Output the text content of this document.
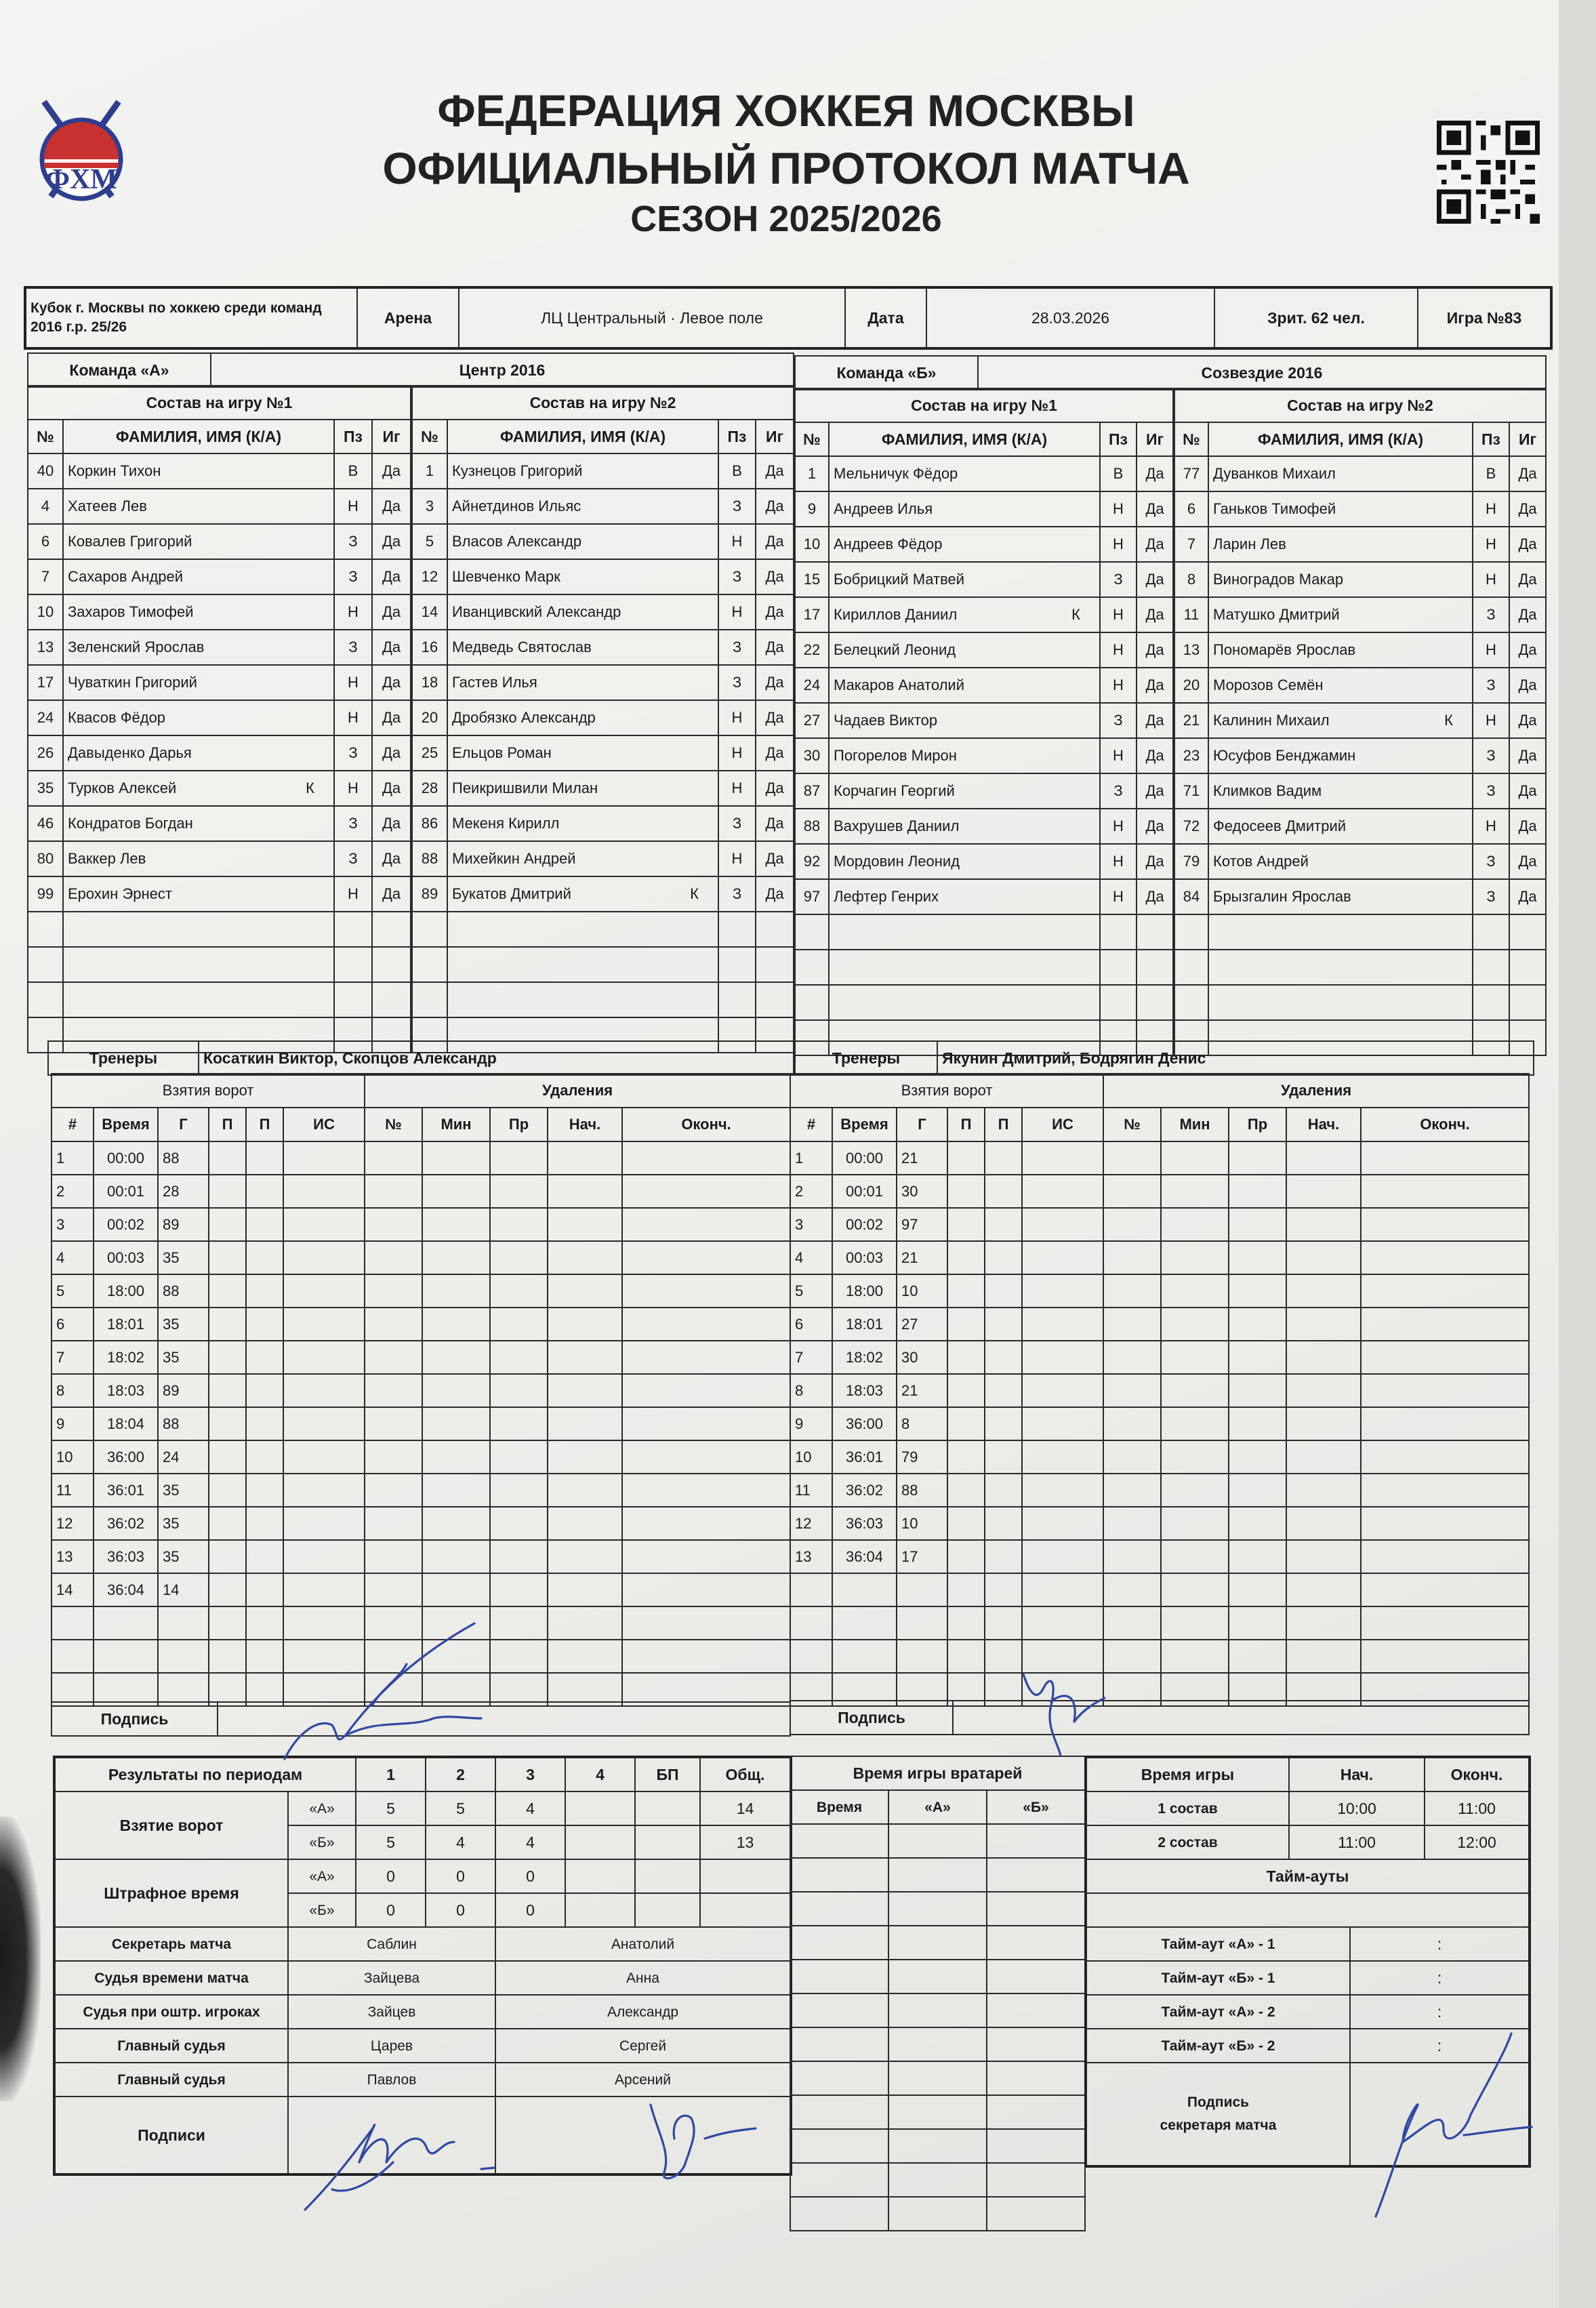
ФХМ
ФЕДЕРАЦИЯ ХОККЕЯ МОСКВЫ
ОФИЦИАЛЬНЫЙ ПРОТОКОЛ МАТЧА
СЕЗОН 2025/2026
Кубок г. Москвы по хоккею среди команд 2016 г.р. 25/26	Арена	ЛЦ Центральный · Левое поле	Дата	28.03.2026	Зрит. 62 чел.	Игра №83
Команда «А»	Центр 2016	Команда «Б»	Созвездие 2016
Состав на игру №1			
№	ФАМИЛИЯ, ИМЯ (К/А)	Пз	Иг
40	Коркин Тихон	В	Да
4	Хатеев Лев	Н	Да
6	Ковалев Григорий	З	Да
7	Сахаров Андрей	З	Да
10	Захаров Тимофей	Н	Да
13	Зеленский Ярослав	З	Да
17	Чуваткин Григорий	Н	Да
24	Квасов Фёдор	Н	Да
26	Давыденко Дарья	З	Да
35	Турков Алексей К	Н	Да
46	Кондратов Богдан	З	Да
80	Ваккер Лев	З	Да
99	Ерохин Эрнест	Н	Да

Состав на игру №2			
№	ФАМИЛИЯ, ИМЯ (К/А)	Пз	Иг
1	Кузнецов Григорий	В	Да
3	Айнетдинов Ильяс	З	Да
5	Власов Александр	Н	Да
12	Шевченко Марк	З	Да
14	Иванцивский Александр	Н	Да
16	Медведь Святослав	З	Да
18	Гастев Илья	З	Да
20	Дробязко Александр	Н	Да
25	Ельцов Роман	Н	Да
28	Пеикришвили Милан	Н	Да
86	Мекеня Кирилл	З	Да
88	Михейкин Андрей	Н	Да
89	Букатов Дмитрий К	З	Да

Состав на игру №1			
№	ФАМИЛИЯ, ИМЯ (К/А)	Пз	Иг
1	Мельничук Фёдор	В	Да
9	Андреев Илья	Н	Да
10	Андреев Фёдор	Н	Да
15	Бобрицкий Матвей	З	Да
17	Кириллов Даниил К	Н	Да
22	Белецкий Леонид	Н	Да
24	Макаров Анатолий	Н	Да
27	Чадаев Виктор	З	Да
30	Погорелов Мирон	Н	Да
87	Корчагин Георгий	З	Да
88	Вахрушев Даниил	Н	Да
92	Мордовин Леонид	Н	Да
97	Лефтер Генрих	Н	Да

Состав на игру №2			
№	ФАМИЛИЯ, ИМЯ (К/А)	Пз	Иг
77	Дуванков Михаил	В	Да
6	Ганьков Тимофей	Н	Да
7	Ларин Лев	Н	Да
8	Виноградов Макар	Н	Да
11	Матушко Дмитрий	З	Да
13	Пономарёв Ярослав	Н	Да
20	Морозов Семён	З	Да
21	Калинин Михаил К	Н	Да
23	Юсуфов Бенджамин	З	Да
71	Климков Вадим	З	Да
72	Федосеев Дмитрий	Н	Да
79	Котов Андрей	З	Да
84	Брызгалин Ярослав	З	Да

Тренеры	Косаткин Виктор, Скопцов Александр	Тренеры	Якунин Дмитрий, Бодрягин Денис
Взятия ворот						Удаления				
#	Время	Г	П	П	ИС	№	Мин	Пр	Нач.	Оконч.
1	00:00	88								
2	00:01	28								
3	00:02	89								
4	00:03	35								
5	18:00	88								
6	18:01	35								
7	18:02	35								
8	18:03	89								
9	18:04	88								
10	36:00	24								
11	36:01	35								
12	36:02	35								
13	36:03	35								
14	36:04	14								

Взятия ворот						Удаления				
#	Время	Г	П	П	ИС	№	Мин	Пр	Нач.	Оконч.
1	00:00	21								
2	00:01	30								
3	00:02	97								
4	00:03	21								
5	18:00	10								
6	18:01	27								
7	18:02	30								
8	18:03	21								
9	36:00	8								
10	36:01	79								
11	36:02	88								
12	36:03	10								
13	36:04	17								

Подпись		Подпись	
Результаты по периодам		1	2	3	4	БП	Общ.
Взятие ворот	«А»	5	5	4			14
	«Б»	5	4	4			13
Штрафное время	«А»	0	0	0			
	«Б»	0	0	0			
Секретарь матча	Саблин			Анатолий			
Судья времени матча	Зайцева			Анна			
Судья при оштр. игроках	Зайцев			Александр			
Главный судья	Царев			Сергей			
Главный судья	Павлов			Арсений			
Подписи							
Время игры вратарей		
Время	«А»	«Б»

Время игры	Нач.		Оконч.
1 состав	10:00		11:00
2 состав	11:00		12:00
Тайм-ауты			

Тайм-аут «А» - 1		:	
Тайм-аут «Б» - 1		:	
Тайм-аут «А» - 2		:	
Тайм-аут «Б» - 2		:	

Подпись
секретаря матча			
